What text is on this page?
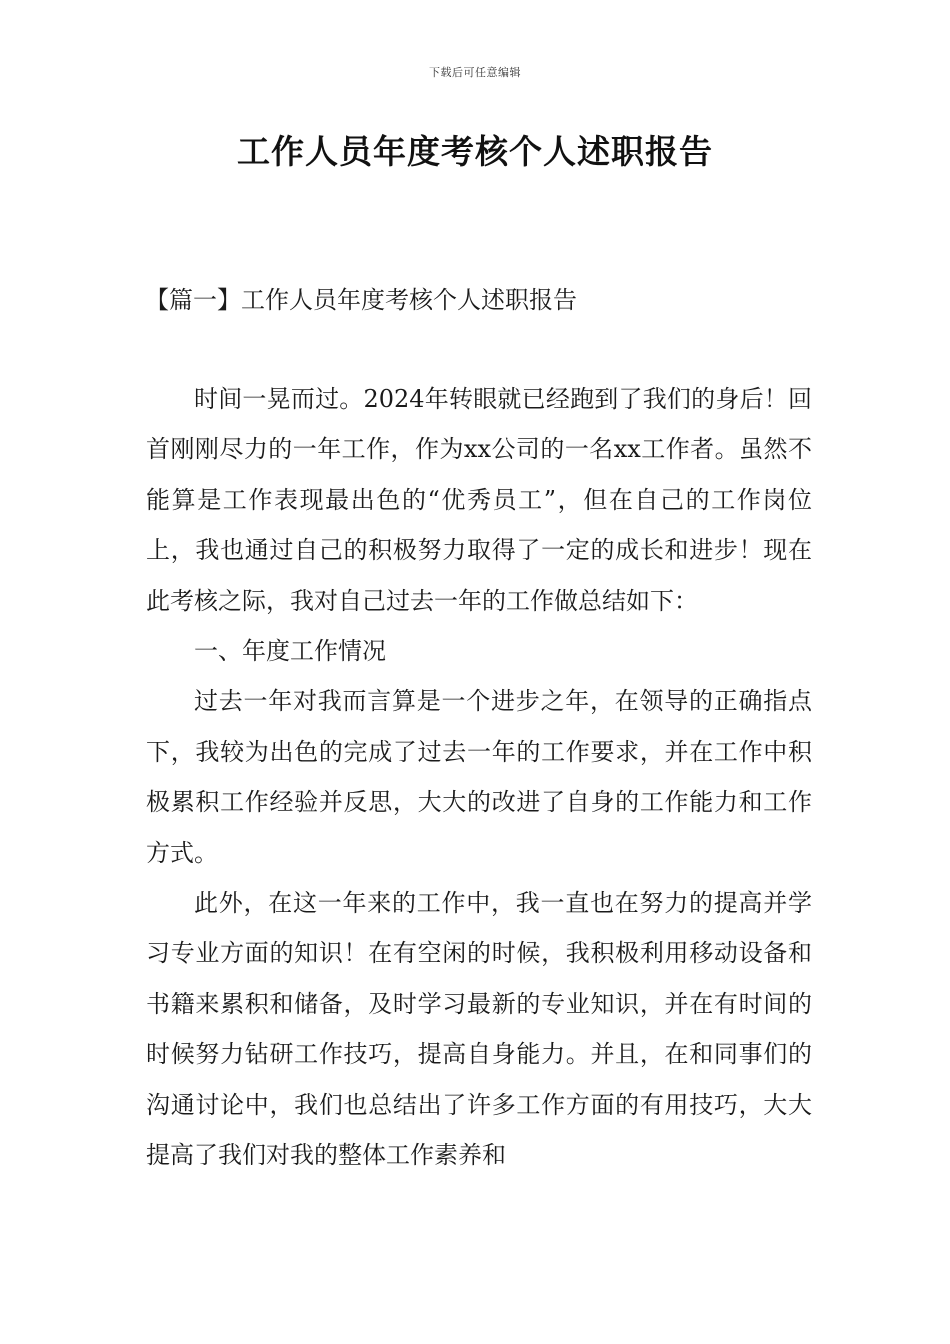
下载后可任意编辑
工作人员年度考核个人述职报告
【篇一】工作人员年度考核个人述职报告

时间一晃而过。2024年转眼就已经跑到了我们的身后！回首刚刚尽力的一年工作，作为xx公司的一名xx工作者。虽然不能算是工作表现最出色的“优秀员工”，但在自己的工作岗位上，我也通过自己的积极努力取得了一定的成长和进步！现在此考核之际，我对自己过去一年的工作做总结如下：

一、年度工作情况

过去一年对我而言算是一个进步之年，在领导的正确指点下，我较为出色的完成了过去一年的工作要求，并在工作中积极累积工作经验并反思，大大的改进了自身的工作能力和工作方式。

此外，在这一年来的工作中，我一直也在努力的提高并学习专业方面的知识！在有空闲的时候，我积极利用移动设备和书籍来累积和储备，及时学习最新的专业知识，并在有时间的时候努力钻研工作技巧，提高自身能力。并且，在和同事们的沟通讨论中，我们也总结出了许多工作方面的有用技巧，大大提高了我们对我的整体工作素养和
